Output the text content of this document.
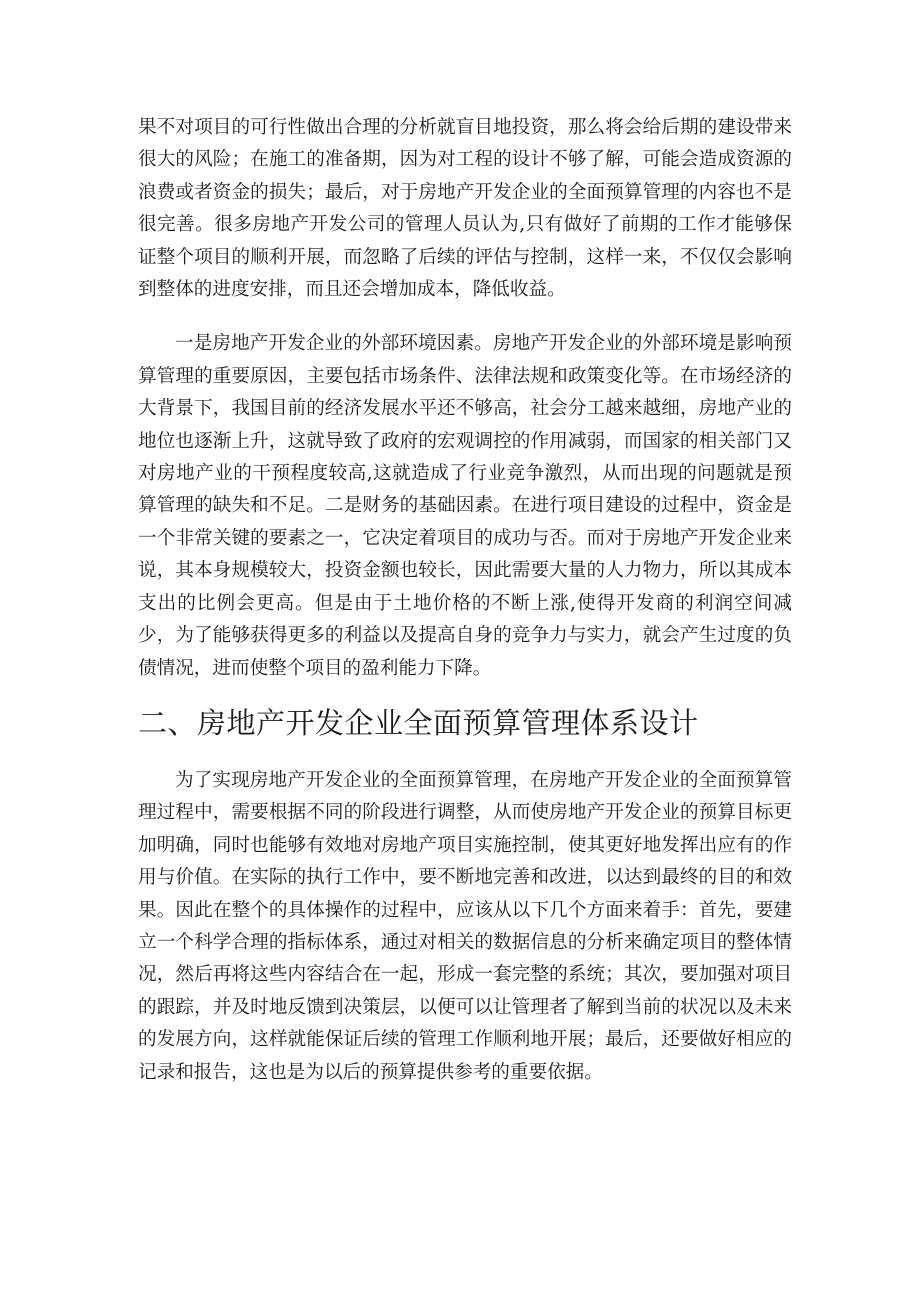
果不对项目的可行性做出合理的分析就盲目地投资，那么将会给后期的建设带来很大的风险；在施工的准备期，因为对工程的设计不够了解，可能会造成资源的浪费或者资金的损失；最后，对于房地产开发企业的全面预算管理的内容也不是很完善。很多房地产开发公司的管理人员认为,只有做好了前期的工作才能够保证整个项目的顺利开展，而忽略了后续的评估与控制，这样一来，不仅仅会影响到整体的进度安排，而且还会增加成本，降低收益。

一是房地产开发企业的外部环境因素。房地产开发企业的外部环境是影响预算管理的重要原因，主要包括市场条件、法律法规和政策变化等。在市场经济的大背景下，我国目前的经济发展水平还不够高，社会分工越来越细，房地产业的地位也逐渐上升，这就导致了政府的宏观调控的作用减弱，而国家的相关部门又对房地产业的干预程度较高,这就造成了行业竞争激烈，从而出现的问题就是预算管理的缺失和不足。二是财务的基础因素。在进行项目建设的过程中，资金是一个非常关键的要素之一，它决定着项目的成功与否。而对于房地产开发企业来说，其本身规模较大，投资金额也较长，因此需要大量的人力物力，所以其成本支出的比例会更高。但是由于土地价格的不断上涨,使得开发商的利润空间减少，为了能够获得更多的利益以及提高自身的竞争力与实力，就会产生过度的负债情况，进而使整个项目的盈利能力下降。

二、房地产开发企业全面预算管理体系设计

为了实现房地产开发企业的全面预算管理，在房地产开发企业的全面预算管理过程中，需要根据不同的阶段进行调整，从而使房地产开发企业的预算目标更加明确，同时也能够有效地对房地产项目实施控制，使其更好地发挥出应有的作用与价值。在实际的执行工作中，要不断地完善和改进，以达到最终的目的和效果。因此在整个的具体操作的过程中，应该从以下几个方面来着手：首先，要建立一个科学合理的指标体系，通过对相关的数据信息的分析来确定项目的整体情况，然后再将这些内容结合在一起，形成一套完整的系统；其次，要加强对项目的跟踪，并及时地反馈到决策层，以便可以让管理者了解到当前的状况以及未来的发展方向，这样就能保证后续的管理工作顺利地开展；最后，还要做好相应的记录和报告，这也是为以后的预算提供参考的重要依据。
